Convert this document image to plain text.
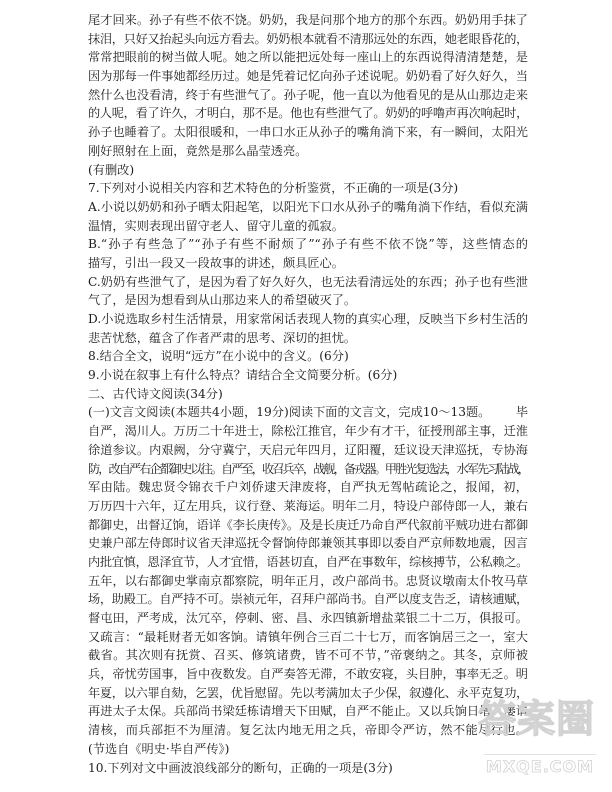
尾才回来。孙子有些不依不饶。奶奶，我是问那个地方的那个东西。奶奶用手抹了
抹泪，只好又抬起头向远方看去。奶奶根本就看不清那远处的东西，她老眼昏花的，
常常把眼前的树当做人呢。她之所以能把远处每一座山上的东西说得清清楚楚，是
因为那每一件事她都经历过。她是凭着记忆向孙子述说呢。奶奶看了好久好久，当
然什么也没看清，终于有些泄气了。孙子呢，他一直以为他看见的是从山那边走来
的人呢，看了许久，才明白，那不是。他也有些泄气了。奶奶的呼噜声再次响起时，
孙子也睡着了。太阳很暖和，一串口水正从孙子的嘴角淌下来，有一瞬间，太阳光
刚好照射在上面，竟然是那么晶莹透亮。
(有删改)
7.下列对小说相关内容和艺术特色的分析鉴赏，不正确的一项是(3分)
A.小说以奶奶和孙子晒太阳起笔，以阳光下口水从孙子的嘴角淌下作结，看似充满
温情，实则表现出留守老人、留守儿童的孤寂。
B.“孙子有些急了”“孙子有些不耐烦了”“孙子有些不依不饶”等，这些情态的
描写，引出一段又一段故事的讲述，颇具匠心。
C.奶奶有些泄气了，是因为看了好久好久，也无法看清远处的东西；孙子也有些泄
气了，是因为想看到从山那边来人的希望破灭了。
D.小说选取乡村生活情景，用家常闲话表现人物的真实心理，反映当下乡村生活的
悲苦忧愁，蕴含了作者严肃的思考、深切的担忧。
8.结合全文，说明“远方”在小说中的含义。(6分)
9.小说在叙事上有什么特点？请结合全文简要分析。(6分)
二、古代诗文阅读(34分)
(一)文言文阅读(本题共4小题，19分)阅读下面的文言文，完成10～13题。 毕
自严，渴川人。万历二十年进士，除松江推官，年少有才干，征授刑部主事，迁淮
徐道参议。内艰阙，分守冀宁，天启元年四月，辽阳覆，廷议设天津巡抚，专协海
防，改自严右企都御史以往。自严至，收召兵卒，战舰，备戎器。甲胜光复选法，水军先习陆战，
军由陆。魏忠贤令锦衣千户刘侨逮天津废将，自严执无驾帖疏论之，报闻，初，
万历四十六年，辽左用兵，议行登、莱海运。明年二月，特设户部侍郎一人，兼右
都御史，出督辽饷，语详《李长庚传》。及是长庚迁乃命自严代叙前平贼功进右都御
史兼户部左侍郎时议省天津巡抚令督饷侍郎兼领其事即以委自严京师数地震，因言
内批宜慎，恩泽宜节，人才宜惜，语甚切直，自严在事数年，综核搏节，公私赖之。
五年，以右都御史掌南京都察院，明年正月，改户部尚书。忠贤议墩南太仆牧马草
场，助殿工。自严持不可。崇祯元年，召拜户部尚书。自严以度支告乏，请核逋赋，
督屯田，严考成，汰冗卒，停刺、密、昌、永四镇新增盐菜银二十二万，俱报可。
又疏言：“最耗财者无如客饷。请镇年例合三百二十七万，而客饷居三之一，室大
截省。其次则有抚赏、召买、修筑诸费，皆不可不节，”帝褒纳之。其冬，京师被
兵，帝忧劳国事，旨中夜数发。自严奏答无滞，不敢安寝，头目肿，事率无乏。明
年夏，以六罪自劾，乞罢，优旨慰留。先以考满加太子少保，叙遵化、永平克复功，
再进太子太保。兵部尚书梁廷栋请增天下田赋，自严不能止。又以兵饷日增，屡请
清核，而兵部拒不为厘清。复乞汰内地无用之兵，帝即令严访，然不能尽行也。
(节选自《明史·毕自严传》)
10.下列对文中画波浪线部分的断句，正确的一项是(3分)
答案圈
MXQE.COM
